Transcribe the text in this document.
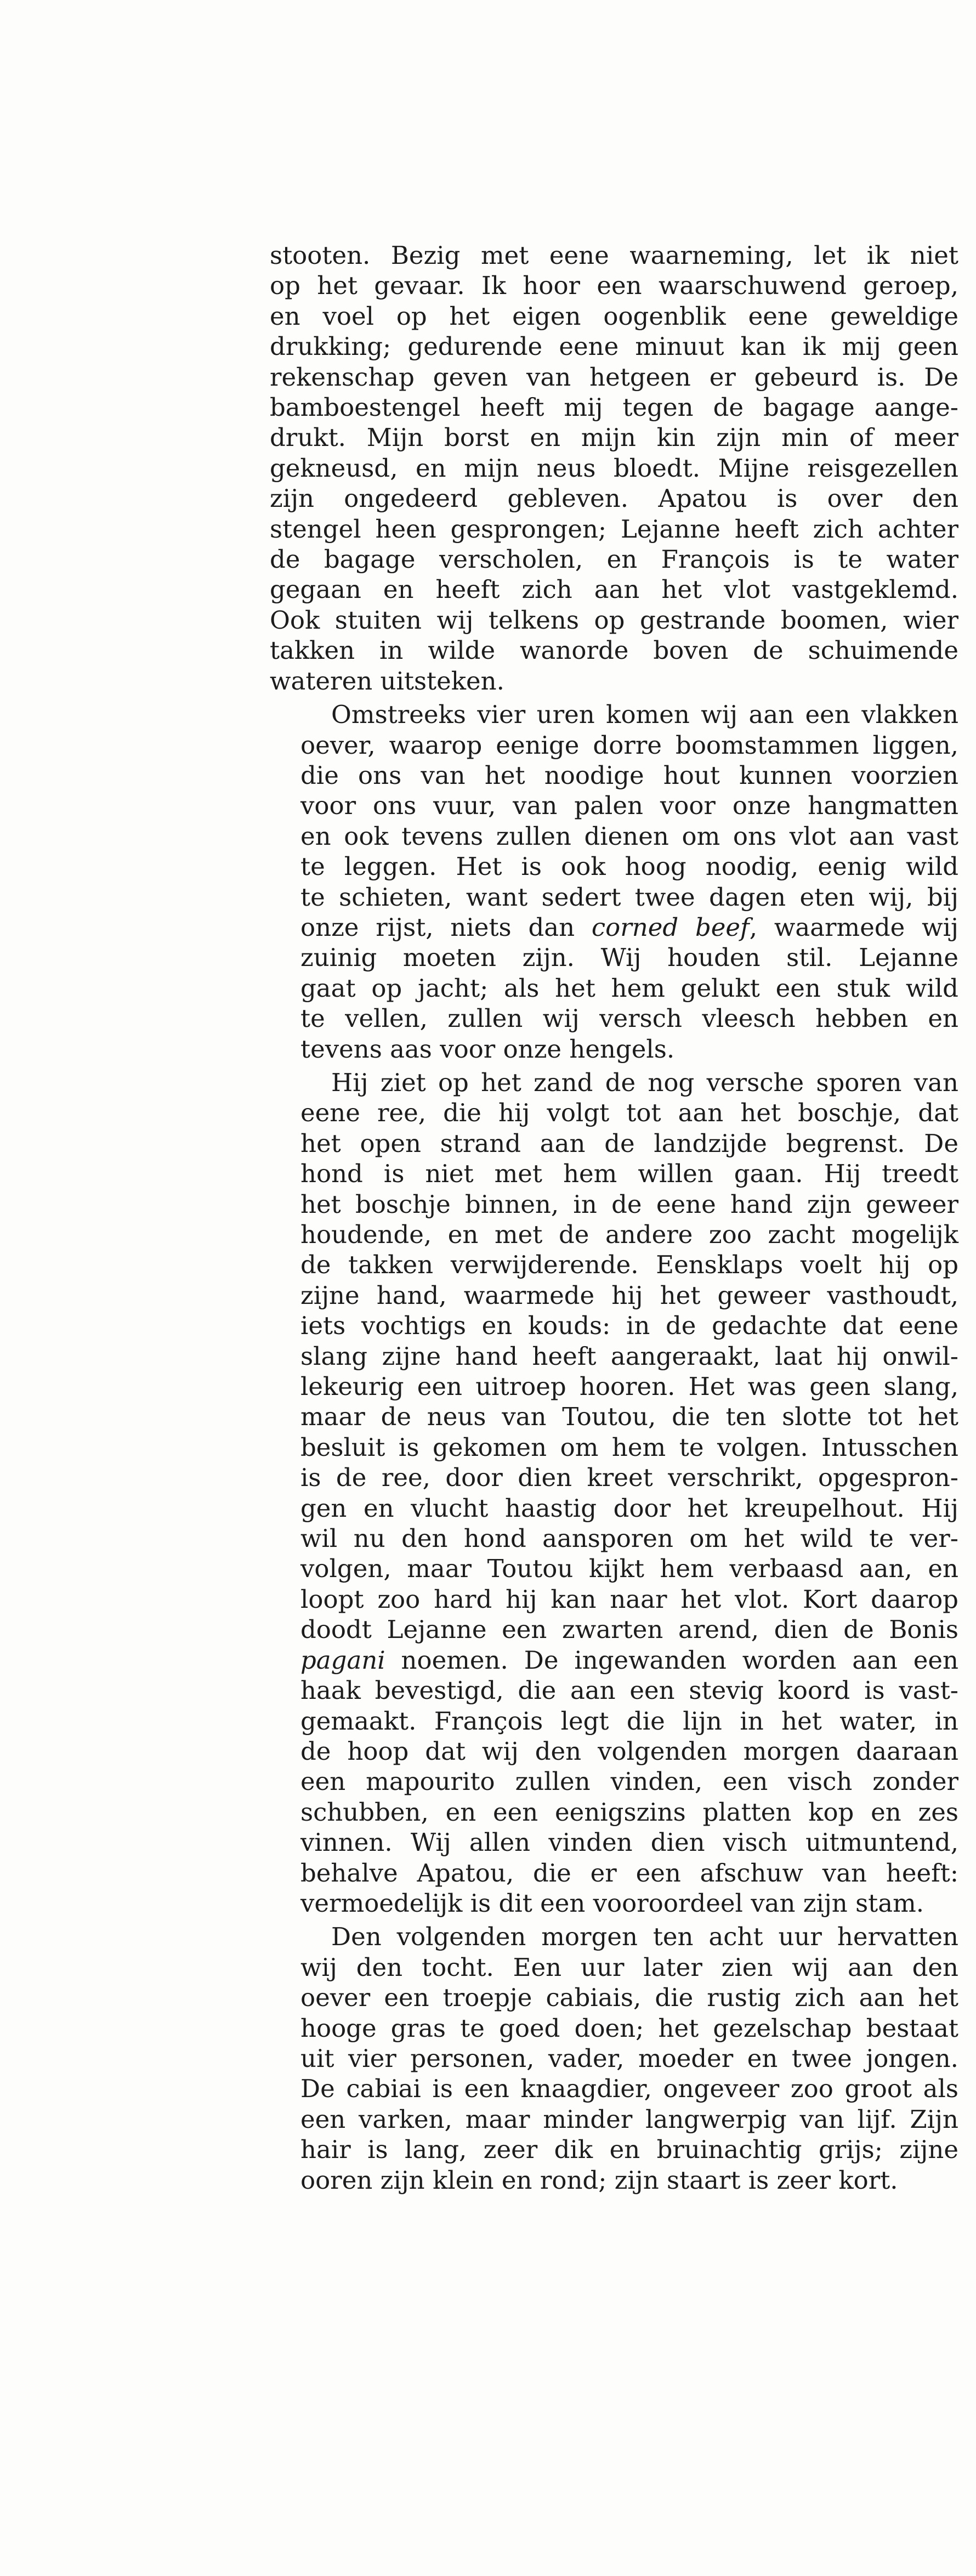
stooten. Bezig met eene waarneming, let ik niet
op het gevaar. Ik hoor een waarschuwend geroep,
en voel op het eigen oogenblik eene geweldige
drukking; gedurende eene minuut kan ik mij geen
rekenschap geven van hetgeen er gebeurd is. De
bamboestengel heeft mij tegen de bagage aange-
drukt. Mijn borst en mijn kin zijn min of meer
gekneusd, en mijn neus bloedt. Mijne reisgezellen
zijn ongedeerd gebleven. Apatou is over den
stengel heen gesprongen; Lejanne heeft zich achter
de bagage verscholen, en François is te water
gegaan en heeft zich aan het vlot vastgeklemd.
Ook stuiten wij telkens op gestrande boomen, wier
takken in wilde wanorde boven de schuimende
wateren uitsteken.
Omstreeks vier uren komen wij aan een vlakken
oever, waarop eenige dorre boomstammen liggen,
die ons van het noodige hout kunnen voorzien
voor ons vuur, van palen voor onze hangmatten
en ook tevens zullen dienen om ons vlot aan vast
te leggen. Het is ook hoog noodig, eenig wild
te schieten, want sedert twee dagen eten wij, bij
onze rijst, niets dan corned beef, waarmede wij
zuinig moeten zijn. Wij houden stil. Lejanne
gaat op jacht; als het hem gelukt een stuk wild
te vellen, zullen wij versch vleesch hebben en
tevens aas voor onze hengels.
Hij ziet op het zand de nog versche sporen van
eene ree, die hij volgt tot aan het boschje, dat
het open strand aan de landzijde begrenst. De
hond is niet met hem willen gaan. Hij treedt
het boschje binnen, in de eene hand zijn geweer
houdende, en met de andere zoo zacht mogelijk
de takken verwijderende. Eensklaps voelt hij op
zijne hand, waarmede hij het geweer vasthoudt,
iets vochtigs en kouds: in de gedachte dat eene
slang zijne hand heeft aangeraakt, laat hij onwil-
lekeurig een uitroep hooren. Het was geen slang,
maar de neus van Toutou, die ten slotte tot het
besluit is gekomen om hem te volgen. Intusschen
is de ree, door dien kreet verschrikt, opgespron-
gen en vlucht haastig door het kreupelhout. Hij
wil nu den hond aansporen om het wild te ver-
volgen, maar Toutou kijkt hem verbaasd aan, en
loopt zoo hard hij kan naar het vlot. Kort daarop
doodt Lejanne een zwarten arend, dien de Bonis
pagani noemen. De ingewanden worden aan een
haak bevestigd, die aan een stevig koord is vast-
gemaakt. François legt die lijn in het water, in
de hoop dat wij den volgenden morgen daaraan
een mapourito zullen vinden, een visch zonder
schubben, en een eenigszins platten kop en zes
vinnen. Wij allen vinden dien visch uitmuntend,
behalve Apatou, die er een afschuw van heeft:
vermoedelijk is dit een vooroordeel van zijn stam.
Den volgenden morgen ten acht uur hervatten
wij den tocht. Een uur later zien wij aan den
oever een troepje cabiais, die rustig zich aan het
hooge gras te goed doen; het gezelschap bestaat
uit vier personen, vader, moeder en twee jongen.
De cabiai is een knaagdier, ongeveer zoo groot als
een varken, maar minder langwerpig van lijf. Zijn
hair is lang, zeer dik en bruinachtig grijs; zijne
ooren zijn klein en rond; zijn staart is zeer kort.
